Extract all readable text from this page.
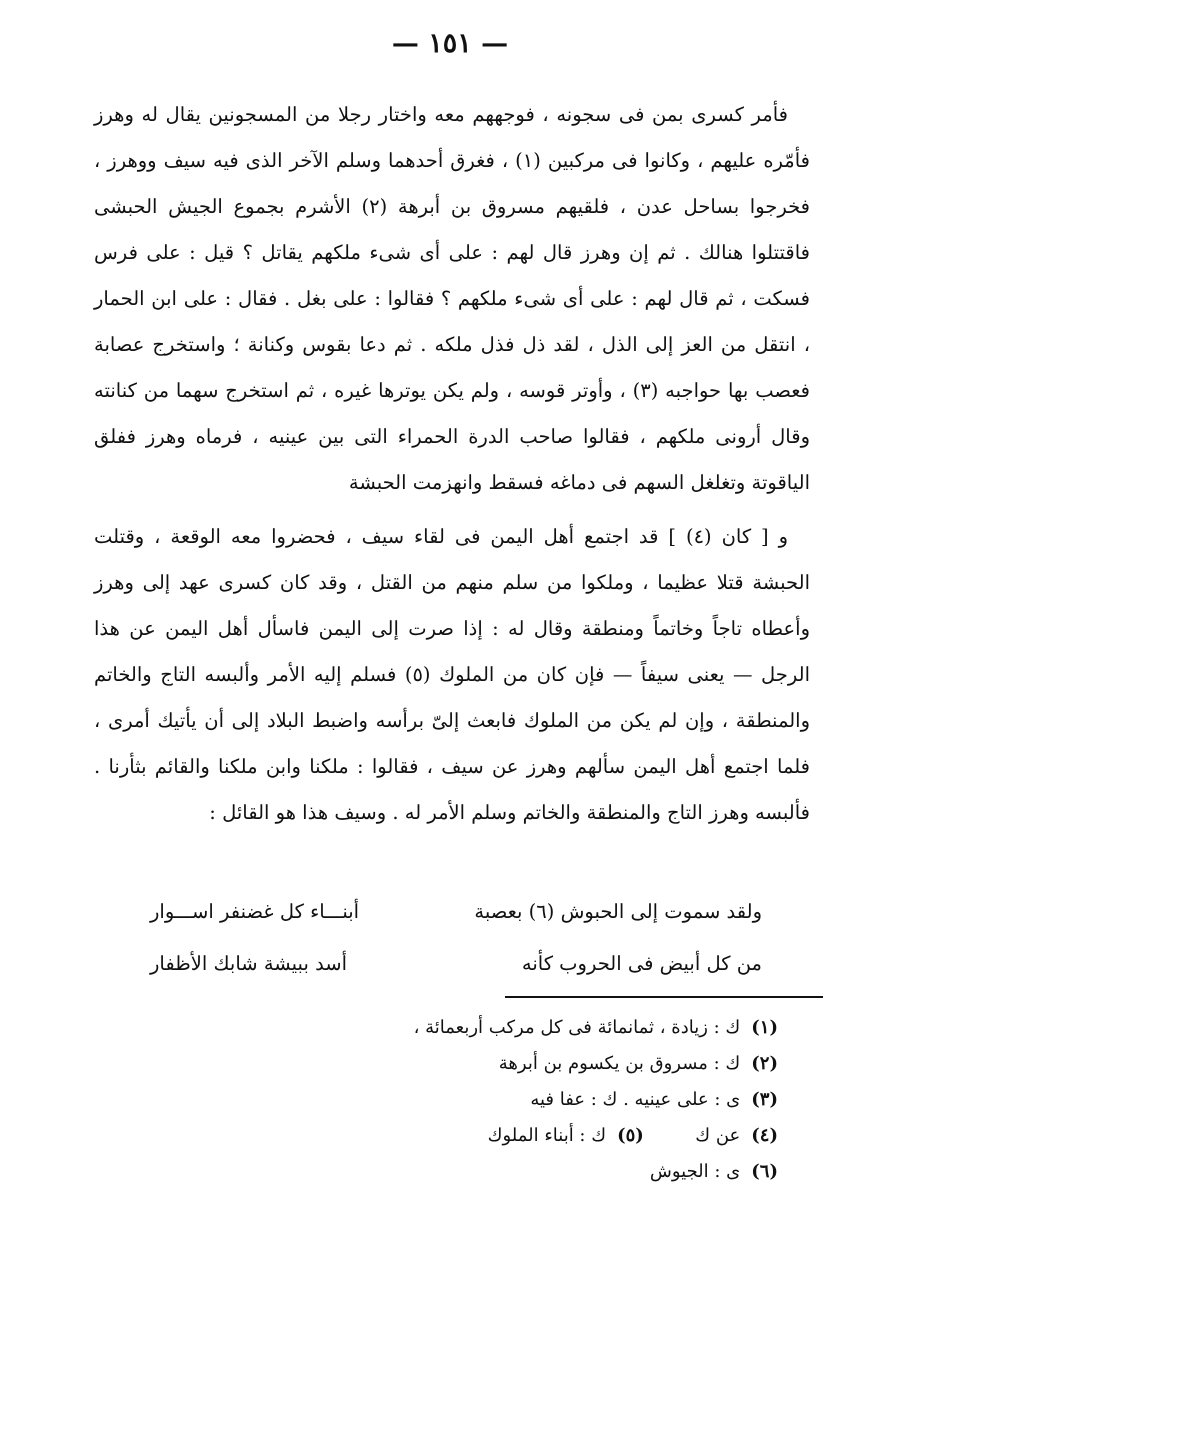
— ١٥١ —

فأمر كسرى بمن فى سجونه ، فوجههم معه واختار رجلا من المسجونين يقال له وهرز فأمّره عليهم ، وكانوا فى مركبين (١) ، فغرق أحدهما وسلم الآخر الذى فيه سيف ووهرز ، فخرجوا بساحل عدن ، فلقيهم مسروق بن أبرهة (٢) الأشرم بجموع الجيش الحبشى فاقتتلوا هنالك . ثم إن وهرز قال لهم : على أى شىء ملكهم يقاتل ؟ قيل : على فرس فسكت ، ثم قال لهم : على أى شىء ملكهم ؟ فقالوا : على بغل . فقال : على ابن الحمار ، انتقل من العز إلى الذل ، لقد ذل فذل ملكه . ثم دعا بقوس وكنانة ؛ واستخرج عصابة فعصب بها حواجبه (٣) ، وأوتر قوسه ، ولم يكن يوترها غيره ، ثم استخرج سهما من كنانته وقال أرونى ملكهم ، فقالوا صاحب الدرة الحمراء التى بين عينيه ، فرماه وهرز ففلق الياقوتة وتغلغل السهم فى دماغه فسقط وانهزمت الحبشة

و [ كان (٤) ] قد اجتمع أهل اليمن فى لقاء سيف ، فحضروا معه الوقعة ، وقتلت الحبشة قتلا عظيما ، وملكوا من سلم منهم من القتل ، وقد كان كسرى عهد إلى وهرز وأعطاه تاجاً وخاتماً ومنطقة وقال له : إذا صرت إلى اليمن فاسأل أهل اليمن عن هذا الرجل — يعنى سيفاً — فإن كان من الملوك (٥) فسلم إليه الأمر وألبسه التاج والخاتم والمنطقة ، وإن لم يكن من الملوك فابعث إلىّ برأسه واضبط البلاد إلى أن يأتيك أمرى ، فلما اجتمع أهل اليمن سألهم وهرز عن سيف ، فقالوا : ملكنا وابن ملكنا والقائم بثأرنا . فألبسه وهرز التاج والمنطقة والخاتم وسلم الأمر له . وسيف هذا هو القائل :

ولقد سموت إلى الحبوش (٦) بعصبة
أبنـــاء كل غضنفر اســـوار
من كل أبيض فى الحروب كأنه
أسد ببيشة شابك الأظفار
(١) ك : زيادة ، ثمانمائة فى كل مركب أربعمائة ،
(٢) ك : مسروق بن يكسوم بن أبرهة
(٣) ى : على عينيه . ك : عفا فيه
(٤) عن ك  (٥) ك : أبناء الملوك
(٦) ى : الجيوش
